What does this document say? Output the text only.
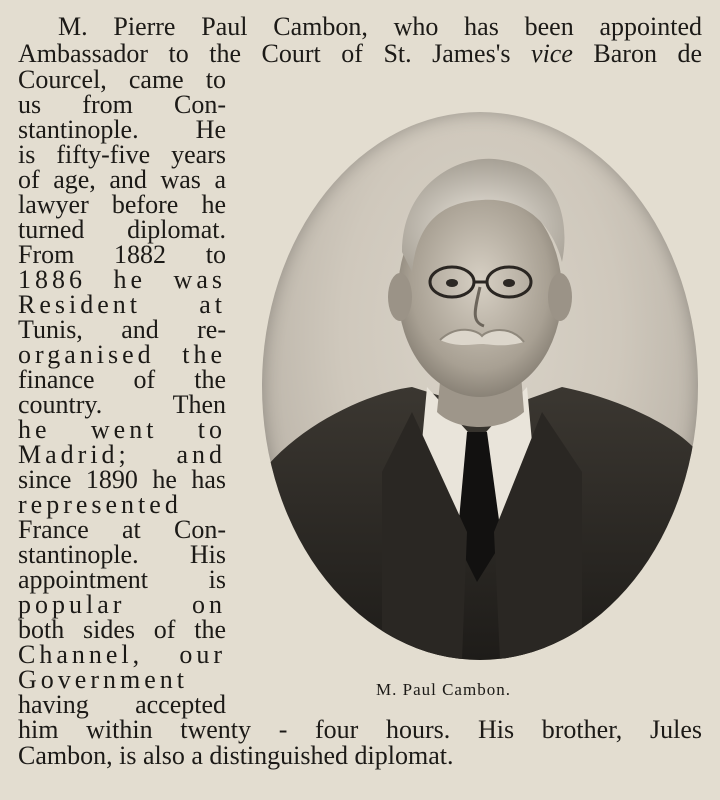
M. Pierre Paul Cambon, who has been appointed
Ambassador to the Court of St. James's vice Baron de
Courcel, came to
us from Con-
stantinople. He
is fifty-five years
of age, and was a
lawyer before he
turned diplomat.
From 1882 to
1886 he was
Resident at
Tunis, and re-
organised the
finance of the
country. Then
he went to
Madrid; and
since 1890 he has
represented
France at Con-
stantinople. His
appointment is
popular on
both sides of the
Channel, our
Government
having accepted
him within twenty - four hours. His brother, Jules
Cambon, is also a distinguished diplomat.
M. Paul Cambon.
